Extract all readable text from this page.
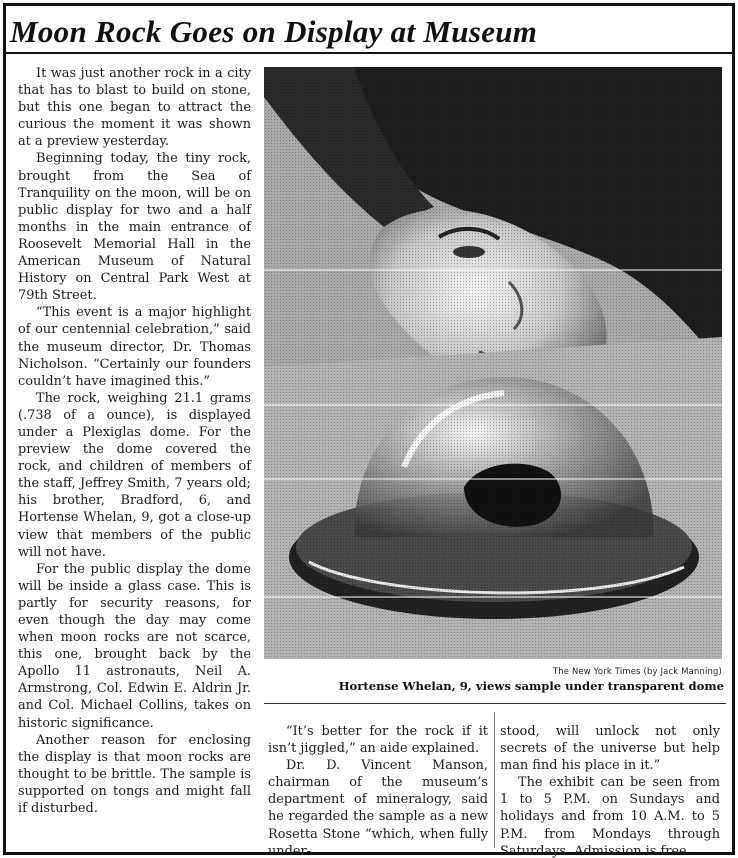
Moon Rock Goes on Display at Museum

It was just another rock in a city that has to blast to build on stone, but this one began to attract the curious the moment it was shown at a preview yesterday.

Beginning today, the tiny rock, brought from the Sea of Tranquility on the moon, will be on public display for two and a half months in the main entrance of Roosevelt Memorial Hall in the American Museum of Natural History on Central Park West at 79th Street.

“This event is a major highlight of our centennial celebration,” said the museum director, Dr. Thomas Nicholson. “Certainly our founders couldn’t have imagined this.”

The rock, weighing 21.1 grams (.738 of a ounce), is displayed under a Plexiglas dome. For the preview the dome covered the rock, and children of members of the staff, Jeffrey Smith, 7 years old; his brother, Bradford, 6, and Hortense Whelan, 9, got a close-up view that members of the public will not have.

For the public display the dome will be inside a glass case. This is partly for security reasons, for even though the day may come when moon rocks are not scarce, this one, brought back by the Apollo 11 astronauts, Neil A. Armstrong, Col. Edwin E. Aldrin Jr. and Col. Michael Collins, takes on historic significance.

Another reason for enclosing the display is that moon rocks are thought to be brittle. The sample is supported on tongs and might fall if disturbed.

The New York Times (by Jack Manning)
Hortense Whelan, 9, views sample under transparent dome

“It’s better for the rock if it isn’t jiggled,” an aide explained.

Dr. D. Vincent Manson, chairman of the museum’s department of mineralogy, said he regarded the sample as a new Rosetta Stone “which, when fully under-

stood, will unlock not only secrets of the universe but help man find his place in it.”

The exhibit can be seen from 1 to 5 P.M. on Sundays and holidays and from 10 A.M. to 5 P.M. from Mondays through Saturdays. Admission is free.
